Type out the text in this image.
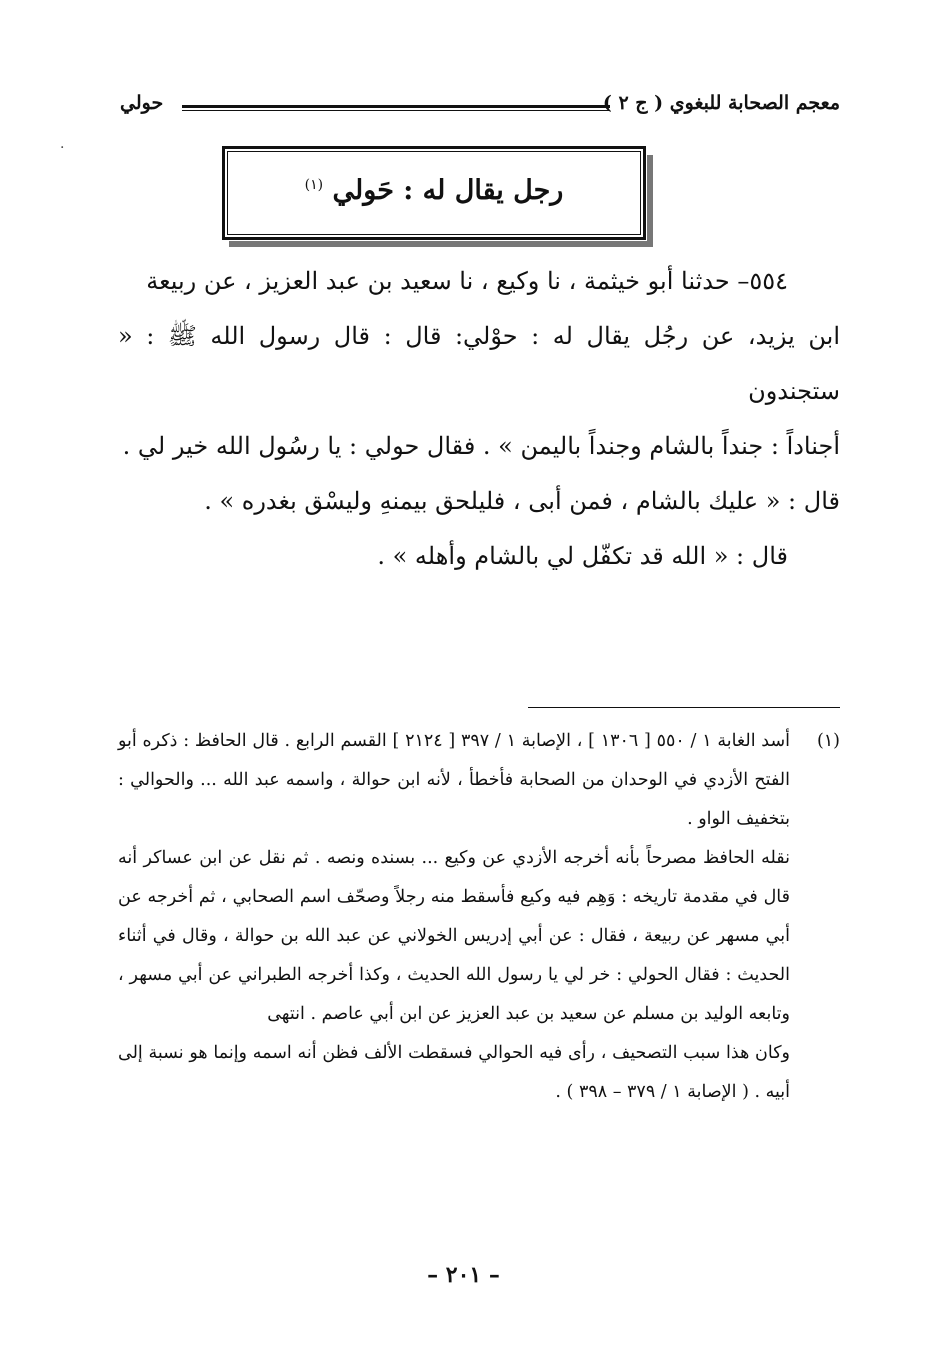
معجم الصحابة للبغوي ( ج ٢ )
حولي
·
رجل يقال له : حَولي $^{(١)}$

٥٥٤– حدثنا أبو خيثمة ، نا وكيع ، نا سعيد بن عبد العزيز ، عن ربيعة

ابن يزيد، عن رجُل يقال له : حوْلي: قال : قال رسول الله ﷺ : « ستجندون

أجناداً : جنداً بالشام وجنداً باليمن » . فقال حولي : يا رسُول الله خير لي .

قال : « عليك بالشام ، فمن أبى ، فليلحق بيمنهِ وليسْق بغدره » .

قال : « الله قد تكفّل لي بالشام وأهله » .

(١)

أسد الغابة ١ / ٥٥٠ [ ١٣٠٦ ] ، الإصابة ١ / ٣٩٧ [ ٢١٢٤ ] القسم الرابع . قال الحافظ : ذكره أبو الفتح الأزدي في الوحدان من الصحابة فأخطأ ، لأنه ابن حوالة ، واسمه عبد الله ... والحوالي : بتخفيف الواو .

نقله الحافظ مصرحاً بأنه أخرجه الأزدي عن وكيع ... بسنده ونصه . ثم نقل عن ابن عساكر أنه قال في مقدمة تاريخه : وَهِم فيه وكيع فأسقط منه رجلاً وصحّف اسم الصحابي ، ثم أخرجه عن أبي مسهر عن ربيعة ، فقال : عن أبي إدريس الخولاني عن عبد الله بن حوالة ، وقال في أثناء الحديث : فقال الحولي : خر لي يا رسول الله الحديث ، وكذا أخرجه الطبراني عن أبي مسهر ، وتابعه الوليد بن مسلم عن سعيد بن عبد العزيز عن ابن أبي عاصم . انتهى

وكان هذا سبب التصحيف ، رأى فيه الحوالي فسقطت الألف فظن أنه اسمه وإنما هو نسبة إلى أبيه . ( الإصابة ١ / ٣٧٩ – ٣٩٨ ) .

– ٢٠١ –
